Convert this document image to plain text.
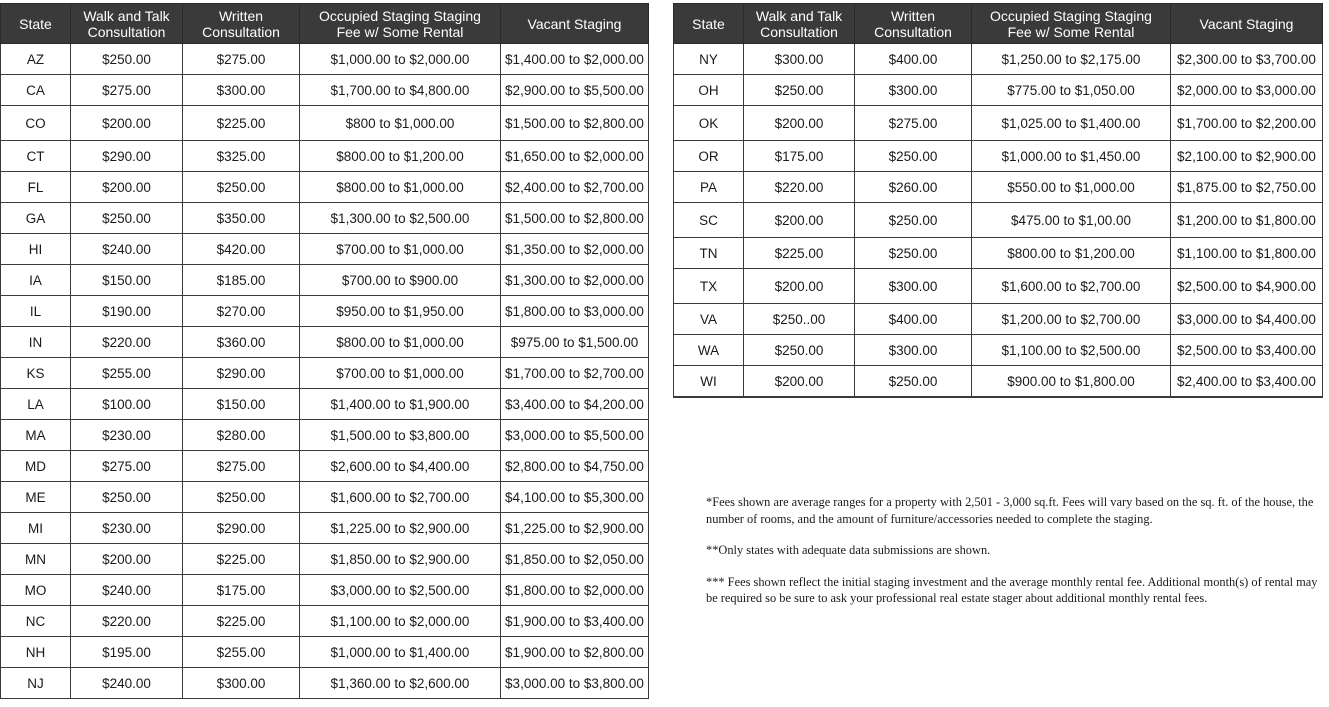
State	Walk and Talk Consultation	Written Consultation	Occupied Staging Staging Fee w/ Some Rental	Vacant Staging
AZ	$250.00	$275.00	$1,000.00 to $2,000.00	$1,400.00 to $2,000.00
CA	$275.00	$300.00	$1,700.00 to $4,800.00	$2,900.00 to $5,500.00
CO	$200.00	$225.00	$800 to $1,000.00	$1,500.00 to $2,800.00
CT	$290.00	$325.00	$800.00 to $1,200.00	$1,650.00 to $2,000.00
FL	$200.00	$250.00	$800.00 to $1,000.00	$2,400.00 to $2,700.00
GA	$250.00	$350.00	$1,300.00 to $2,500.00	$1,500.00 to $2,800.00
HI	$240.00	$420.00	$700.00 to $1,000.00	$1,350.00 to $2,000.00
IA	$150.00	$185.00	$700.00 to $900.00	$1,300.00 to $2,000.00
IL	$190.00	$270.00	$950.00 to $1,950.00	$1,800.00 to $3,000.00
IN	$220.00	$360.00	$800.00 to $1,000.00	$975.00 to $1,500.00
KS	$255.00	$290.00	$700.00 to $1,000.00	$1,700.00 to $2,700.00
LA	$100.00	$150.00	$1,400.00 to $1,900.00	$3,400.00 to $4,200.00
MA	$230.00	$280.00	$1,500.00 to $3,800.00	$3,000.00 to $5,500.00
MD	$275.00	$275.00	$2,600.00 to $4,400.00	$2,800.00 to $4,750.00
ME	$250.00	$250.00	$1,600.00 to $2,700.00	$4,100.00 to $5,300.00
MI	$230.00	$290.00	$1,225.00 to $2,900.00	$1,225.00 to $2,900.00
MN	$200.00	$225.00	$1,850.00 to $2,900.00	$1,850.00 to $2,050.00
MO	$240.00	$175.00	$3,000.00 to $2,500.00	$1,800.00 to $2,000.00
NC	$220.00	$225.00	$1,100.00 to $2,000.00	$1,900.00 to $3,400.00
NH	$195.00	$255.00	$1,000.00 to $1,400.00	$1,900.00 to $2,800.00
NJ	$240.00	$300.00	$1,360.00 to $2,600.00	$3,000.00 to $3,800.00
State	Walk and Talk Consultation	Written Consultation	Occupied Staging Staging Fee w/ Some Rental	Vacant Staging
NY	$300.00	$400.00	$1,250.00 to $2,175.00	$2,300.00 to $3,700.00
OH	$250.00	$300.00	$775.00 to $1,050.00	$2,000.00 to $3,000.00
OK	$200.00	$275.00	$1,025.00 to $1,400.00	$1,700.00 to $2,200.00
OR	$175.00	$250.00	$1,000.00 to $1,450.00	$2,100.00 to $2,900.00
PA	$220.00	$260.00	$550.00 to $1,000.00	$1,875.00 to $2,750.00
SC	$200.00	$250.00	$475.00 to $1,00.00	$1,200.00 to $1,800.00
TN	$225.00	$250.00	$800.00 to $1,200.00	$1,100.00 to $1,800.00
TX	$200.00	$300.00	$1,600.00 to $2,700.00	$2,500.00 to $4,900.00
VA	$250..00	$400.00	$1,200.00 to $2,700.00	$3,000.00 to $4,400.00
WA	$250.00	$300.00	$1,100.00 to $2,500.00	$2,500.00 to $3,400.00
WI	$200.00	$250.00	$900.00 to $1,800.00	$2,400.00 to $3,400.00

*Fees shown are average ranges for a property with 2,501 - 3,000 sq.ft. Fees will vary based on the sq. ft. of the house, the number of rooms, and the amount of furniture/accessories needed to complete the staging.

**Only states with adequate data submissions are shown.

*** Fees shown reflect the initial staging investment and the average monthly rental fee. Additional month(s) of rental may be required so be sure to ask your professional real estate stager about additional monthly rental fees.
